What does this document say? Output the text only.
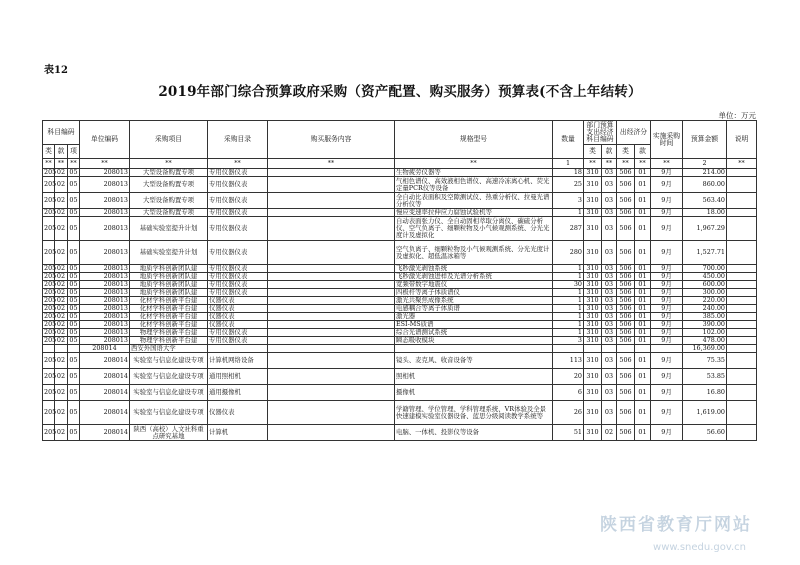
表12
2019年部门综合预算政府采购（资产配置、购买服务）预算表(不含上年结转）
单位：万元
科目编码			单位编码	采购项目	采购目录	购买服务内容	规格型号	数量	部门预算支出经济科目编码		出经济分		实施采购时间	预算金额	说明
类	款	项							类	款	类	款			
**	**	**	**	**	**	**	**	1	**	**	**	**	**	2	**
205	02	05	208013	大型设备购置专项	专用仪器仪表		生物疲劳仪器等	18	310	03	506	01	9月	214.00	
205	02	05	208013	大型设备购置专项	专用仪器仪表		气相色谱仪、高效液相色谱仪、高速冷冻离心机、荧光定量PCR仪等设备	25	310	03	506	01	9月	860.00	
205	02	05	208013	大型设备购置专项	专用仪器仪表		全自动比表面积及空隙测试仪、热重分析仪、拉曼光谱分析仪等	3	310	03	506	01	9月	563.40	
205	02	05	208013	大型设备购置专项	专用仪器仪表		慢应变速率拉伸应力腐蚀试验机等	1	310	03	506	01	9月	18.00	
205	02	05	208013	基础实验室提升计划	专用仪器仪表		自动表面张力仪、全自动固相萃取分离仪、碳硫分析仪、空气负离子、细颗粒物及小气候观测系统、分光光度计及虚拟化	287	310	03	506	01	9月	1,967.29	
205	02	05	208013	基础实验室提升计划	专用仪器仪表		空气负离子、细颗粒物及小气候观测系统、分光光度计及虚拟化、超低温冰箱等	280	310	03	506	01	9月	1,527.71	
205	02	05	208013	地质学科创新团队建	专用仪器仪表		飞秒激光剥蚀系统	1	310	03	506	01	9月	700.00	
205	02	05	208013	地质学科创新团队建	专用仪器仪表		飞秒激光剥蚀进样及光谱分析系统	1	310	03	506	01	9月	450.00	
205	02	05	208013	地质学科创新团队建	专用仪器仪表		宽频带数字地震仪	30	310	03	506	01	9月	600.00	
205	02	05	208013	地质学科创新团队建	专用仪器仪表		四极杆等离子体质谱仪	1	310	03	506	01	9月	300.00	
205	02	05	208013	化材学科创新平台建	仪器仪表		激光共聚焦成像系统	1	310	03	506	01	9月	220.00	
205	02	05	208013	化材学科创新平台建	仪器仪表		电感耦合等离子体质谱	1	310	03	506	01	9月	240.00	
205	02	05	208013	化材学科创新平台建	仪器仪表		激光器	1	310	03	506	01	9月	385.00	
205	02	05	208013	化材学科创新平台建	仪器仪表		ESI-MS质谱	1	310	03	506	01	9月	390.00	
205	02	05	208013	物理学科创新平台建	专用仪器仪表		综合光谱测试系统	1	310	03	506	01	9月	102.00	
205	02	05	208013	物理学科创新平台建	专用仪器仪表		瞬态吸收模块	3	310	03	506	01	9月	478.00	
			208014	西安外国语大学										16,369.00	
205	02	05	208014	实验室与信息化建设专项	计算机网络设备		镜头、麦克风、收音设备等	113	310	03	506	01	9月	75.35	
205	02	05	208014	实验室与信息化建设专项	通用照相机		照相机	20	310	03	506	01	9月	53.85	
205	02	05	208014	实验室与信息化建设专项	通用摄像机		摄像机	6	310	03	506	01	9月	16.80	
205	02	05	208014	实验室与信息化建设专项	仪器仪表		学籍管理、学位管理、学科管理系统、VR体验及全景快速建模实验室仪器设备、蓝思分级阅读教学系统等	26	310	03	506	01	9月	1,619.00	
205	02	05	208014	陕西（高校）人文社科重点研究基地	计算机		电脑、一体机、投影仪等设备	51	310	02	506	01	9月	56.60	
陕西省教育厅网站
www.snedu.gov.cn
